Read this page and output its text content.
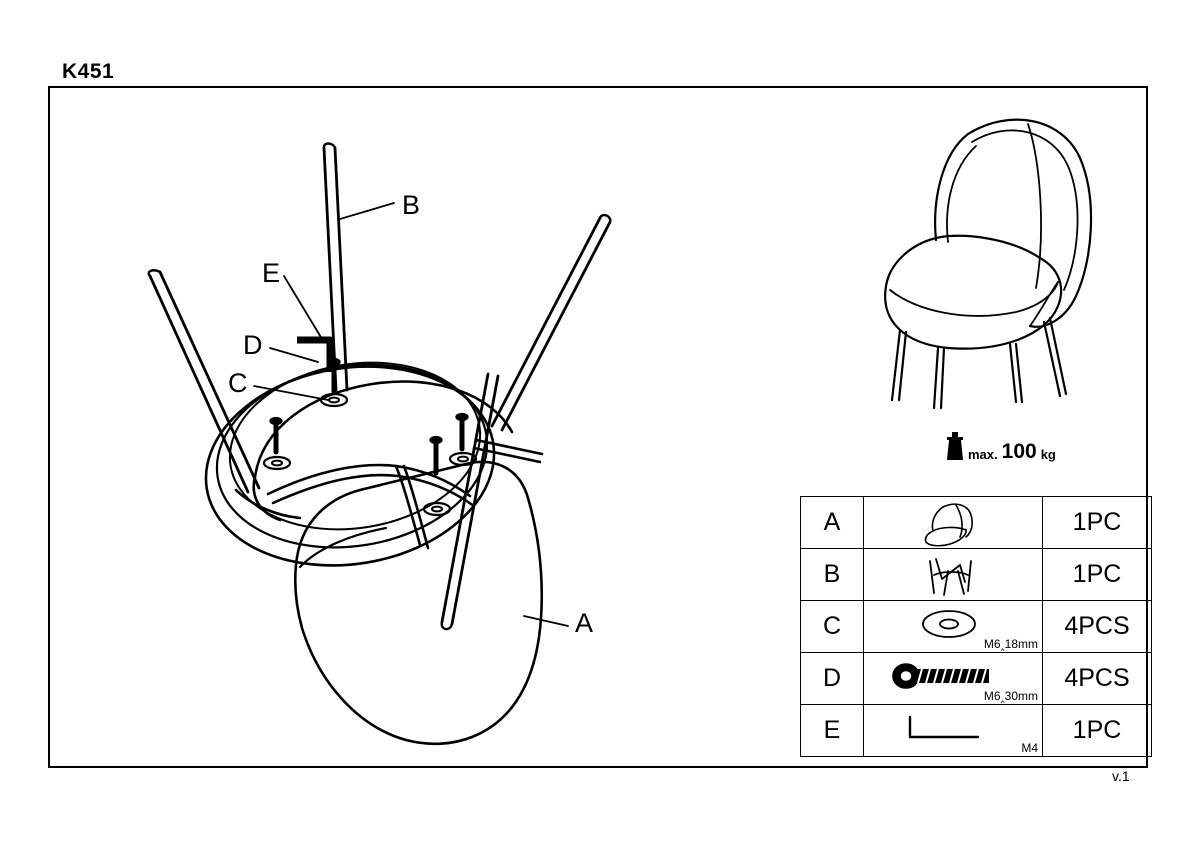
K451
B
E
D
C
A
max. 100 kg
A		1PC
B		1PC
C	M6‸18mm	4PCS
D	M6‸30mm	4PCS
E	M4	1PC
v.1
